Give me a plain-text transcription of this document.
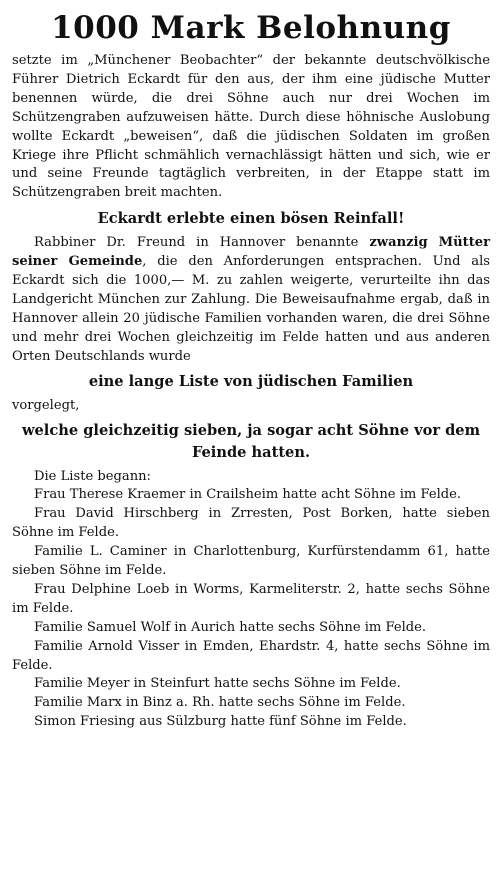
1000 Mark Belohnung

setzte im „Münchener Beobachter“ der bekannte deutschvölkische Führer Dietrich Eckardt für den aus, der ihm eine jüdische Mutter benennen würde, die drei Söhne auch nur drei Wochen im Schützengraben aufzuweisen hätte. Durch diese höhnische Auslobung wollte Eckardt „beweisen“, daß die jüdischen Soldaten im großen Kriege ihre Pflicht schmählich vernachlässigt hätten und sich, wie er und seine Freunde tagtäglich verbreiten, in der Etappe statt im Schützengraben breit machten.

Eckardt erlebte einen bösen Reinfall!

Rabbiner Dr. Freund in Hannover benannte zwanzig Mütter seiner Gemeinde, die den Anforderungen entsprachen. Und als Eckardt sich die 1000,— M. zu zahlen weigerte, verurteilte ihn das Landgericht München zur Zahlung. Die Beweisaufnahme ergab, daß in Hannover allein 20 jüdische Familien vorhanden waren, die drei Söhne und mehr drei Wochen gleichzeitig im Felde hatten und aus anderen Orten Deutschlands wurde

eine lange Liste von jüdischen Familien

vorgelegt,

welche gleichzeitig sieben, ja sogar acht Söhne vor dem Feinde hatten.

Die Liste begann:

Frau Therese Kraemer in Crailsheim hatte acht Söhne im Felde.

Frau David Hirschberg in Zrresten, Post Borken, hatte sieben Söhne im Felde.

Familie L. Caminer in Charlottenburg, Kurfürstendamm 61, hatte sieben Söhne im Felde.

Frau Delphine Loeb in Worms, Karmeliterstr. 2, hatte sechs Söhne im Felde.

Familie Samuel Wolf in Aurich hatte sechs Söhne im Felde.

Familie Arnold Visser in Emden, Ehardstr. 4, hatte sechs Söhne im Felde.

Familie Meyer in Steinfurt hatte sechs Söhne im Felde.

Familie Marx in Binz a. Rh. hatte sechs Söhne im Felde.

Simon Friesing aus Sülzburg hatte fünf Söhne im Felde.
